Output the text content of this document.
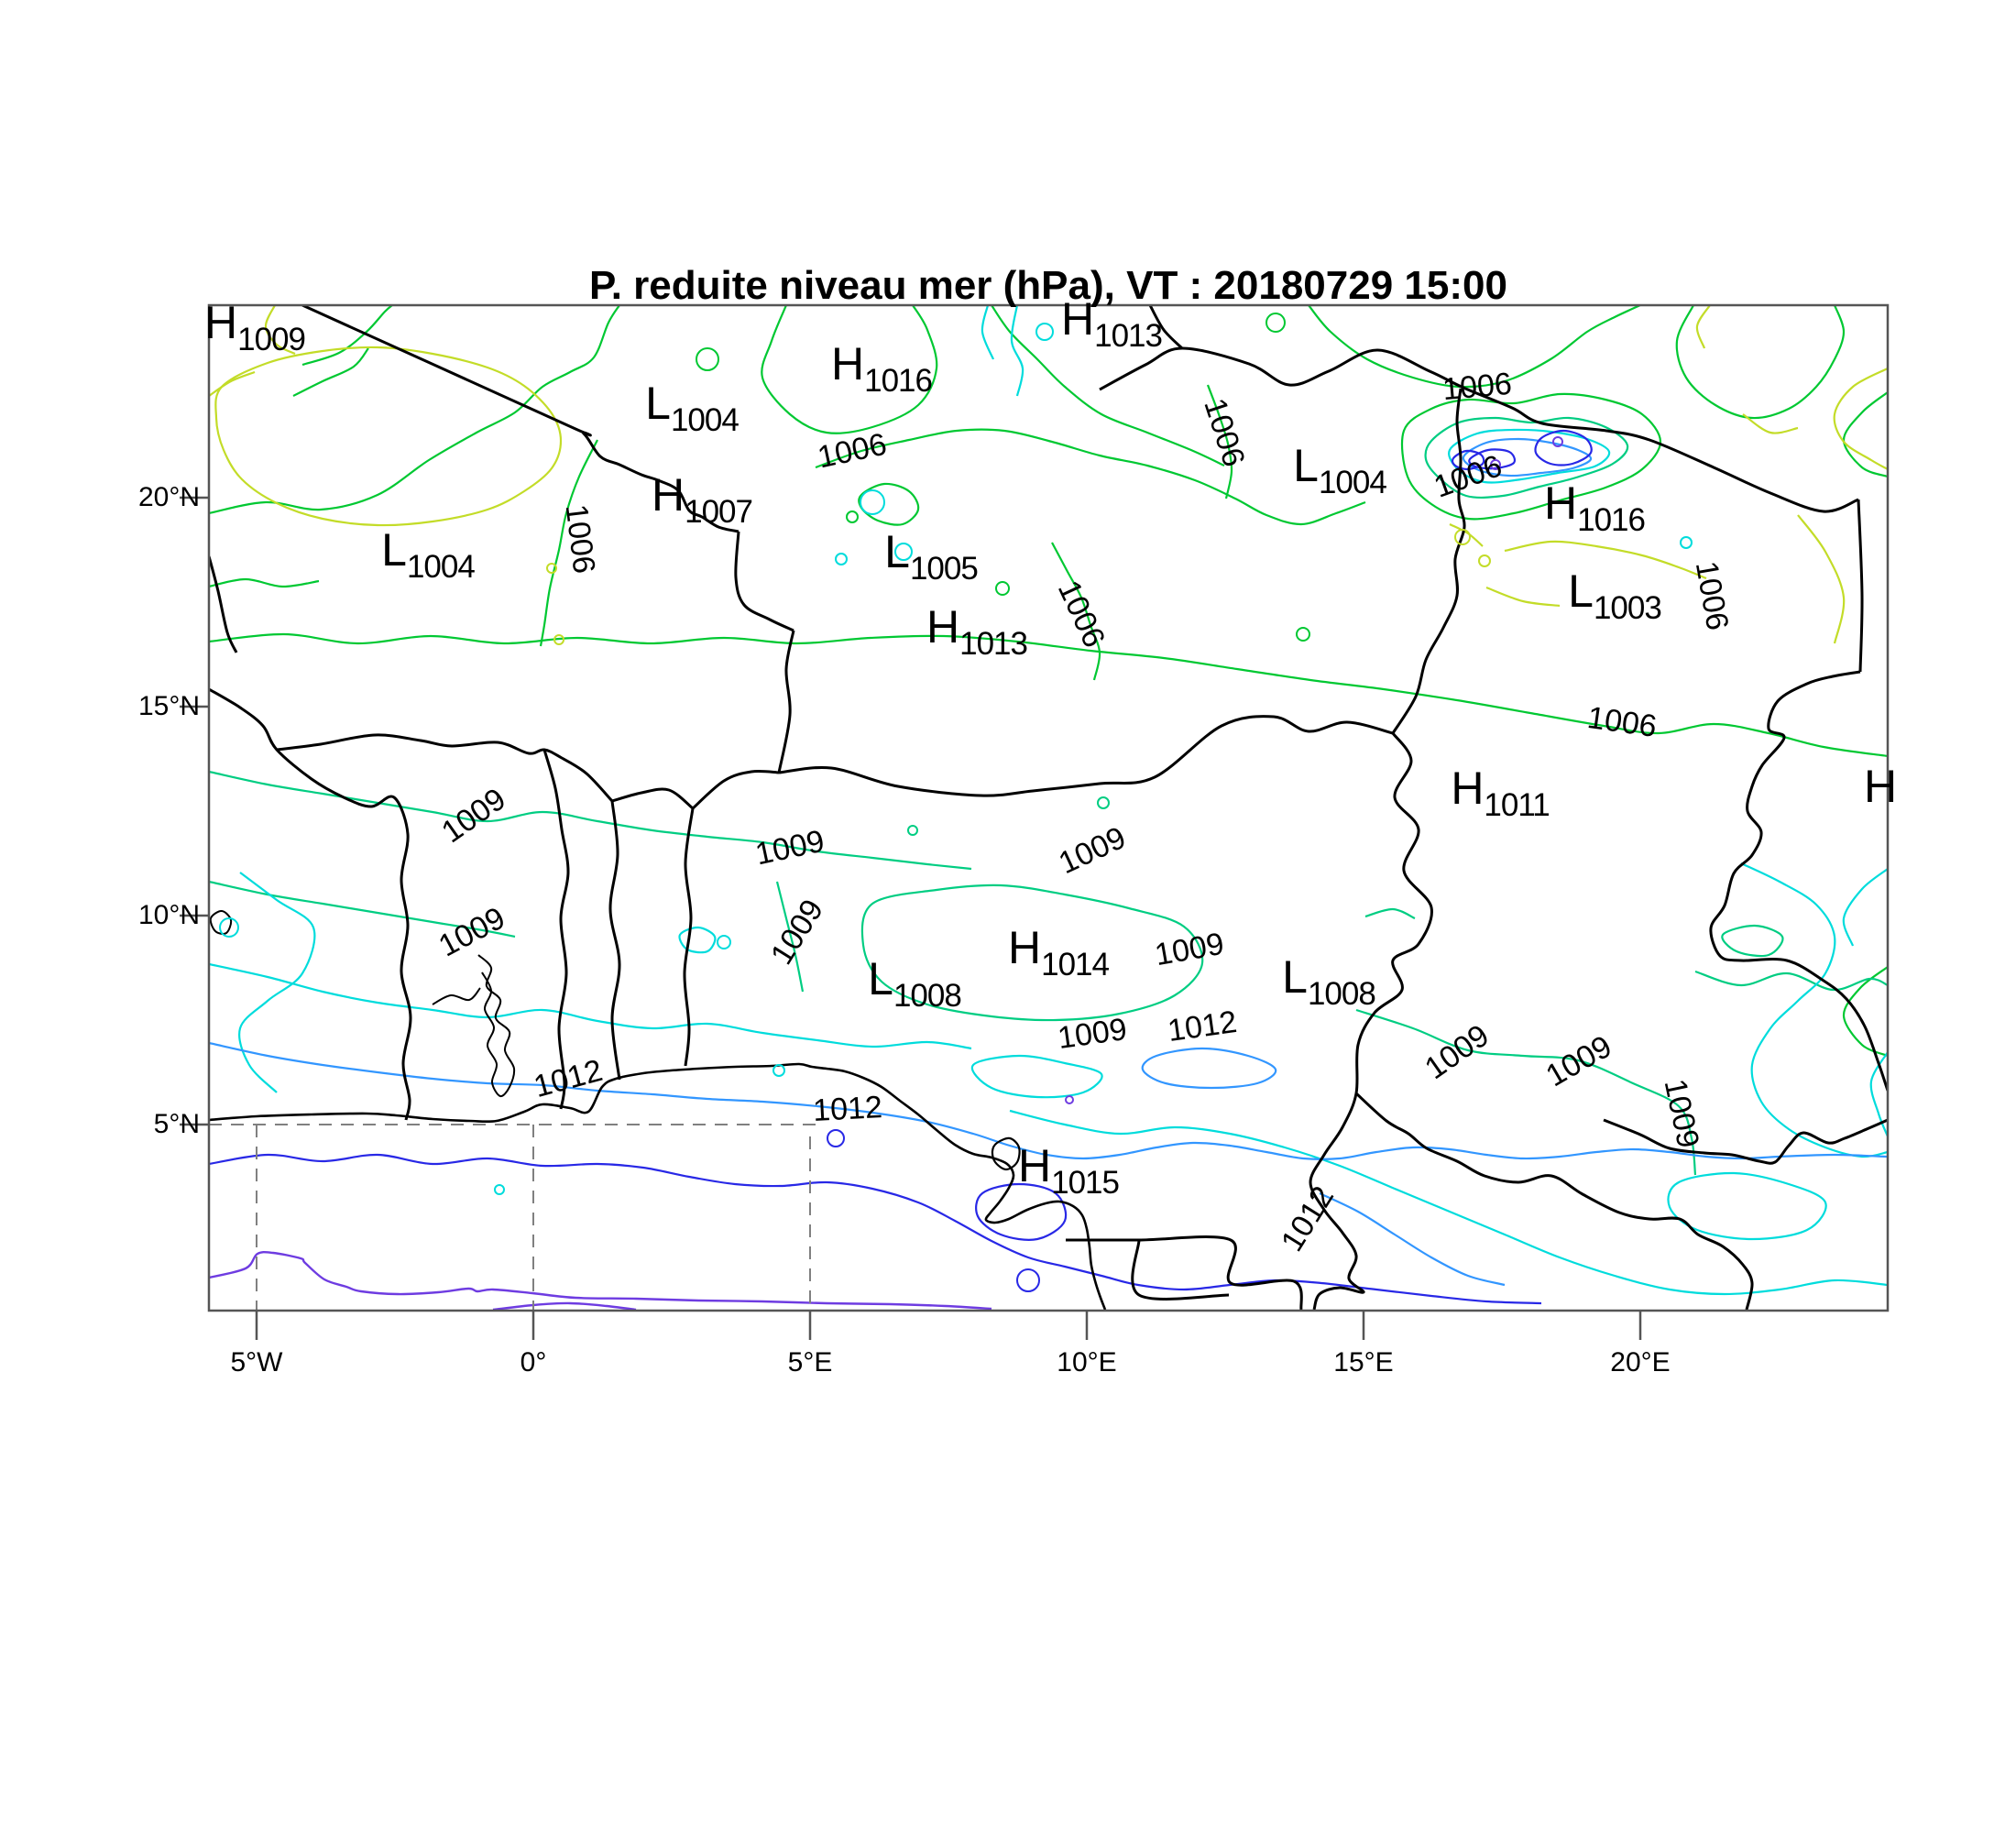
P. reduite niveau mer (hPa), VT : 20180729 15:00
20°N
15°N
10°N
5°N
5°W	0°	5°E	10°E	15°E	20°E
H1009
L1004
H1016
H1013
L1004	H1016
L1003
H1007
L1004	L1005
H1013
H1011
H1014
L1008	L1008
H1015
H
1006	1006
1006
1006
1006
1006
1006
1006
1009
1009
1009
1009
1009
1009
1009 1012
1012
1012
1012
1009 1009
1009
